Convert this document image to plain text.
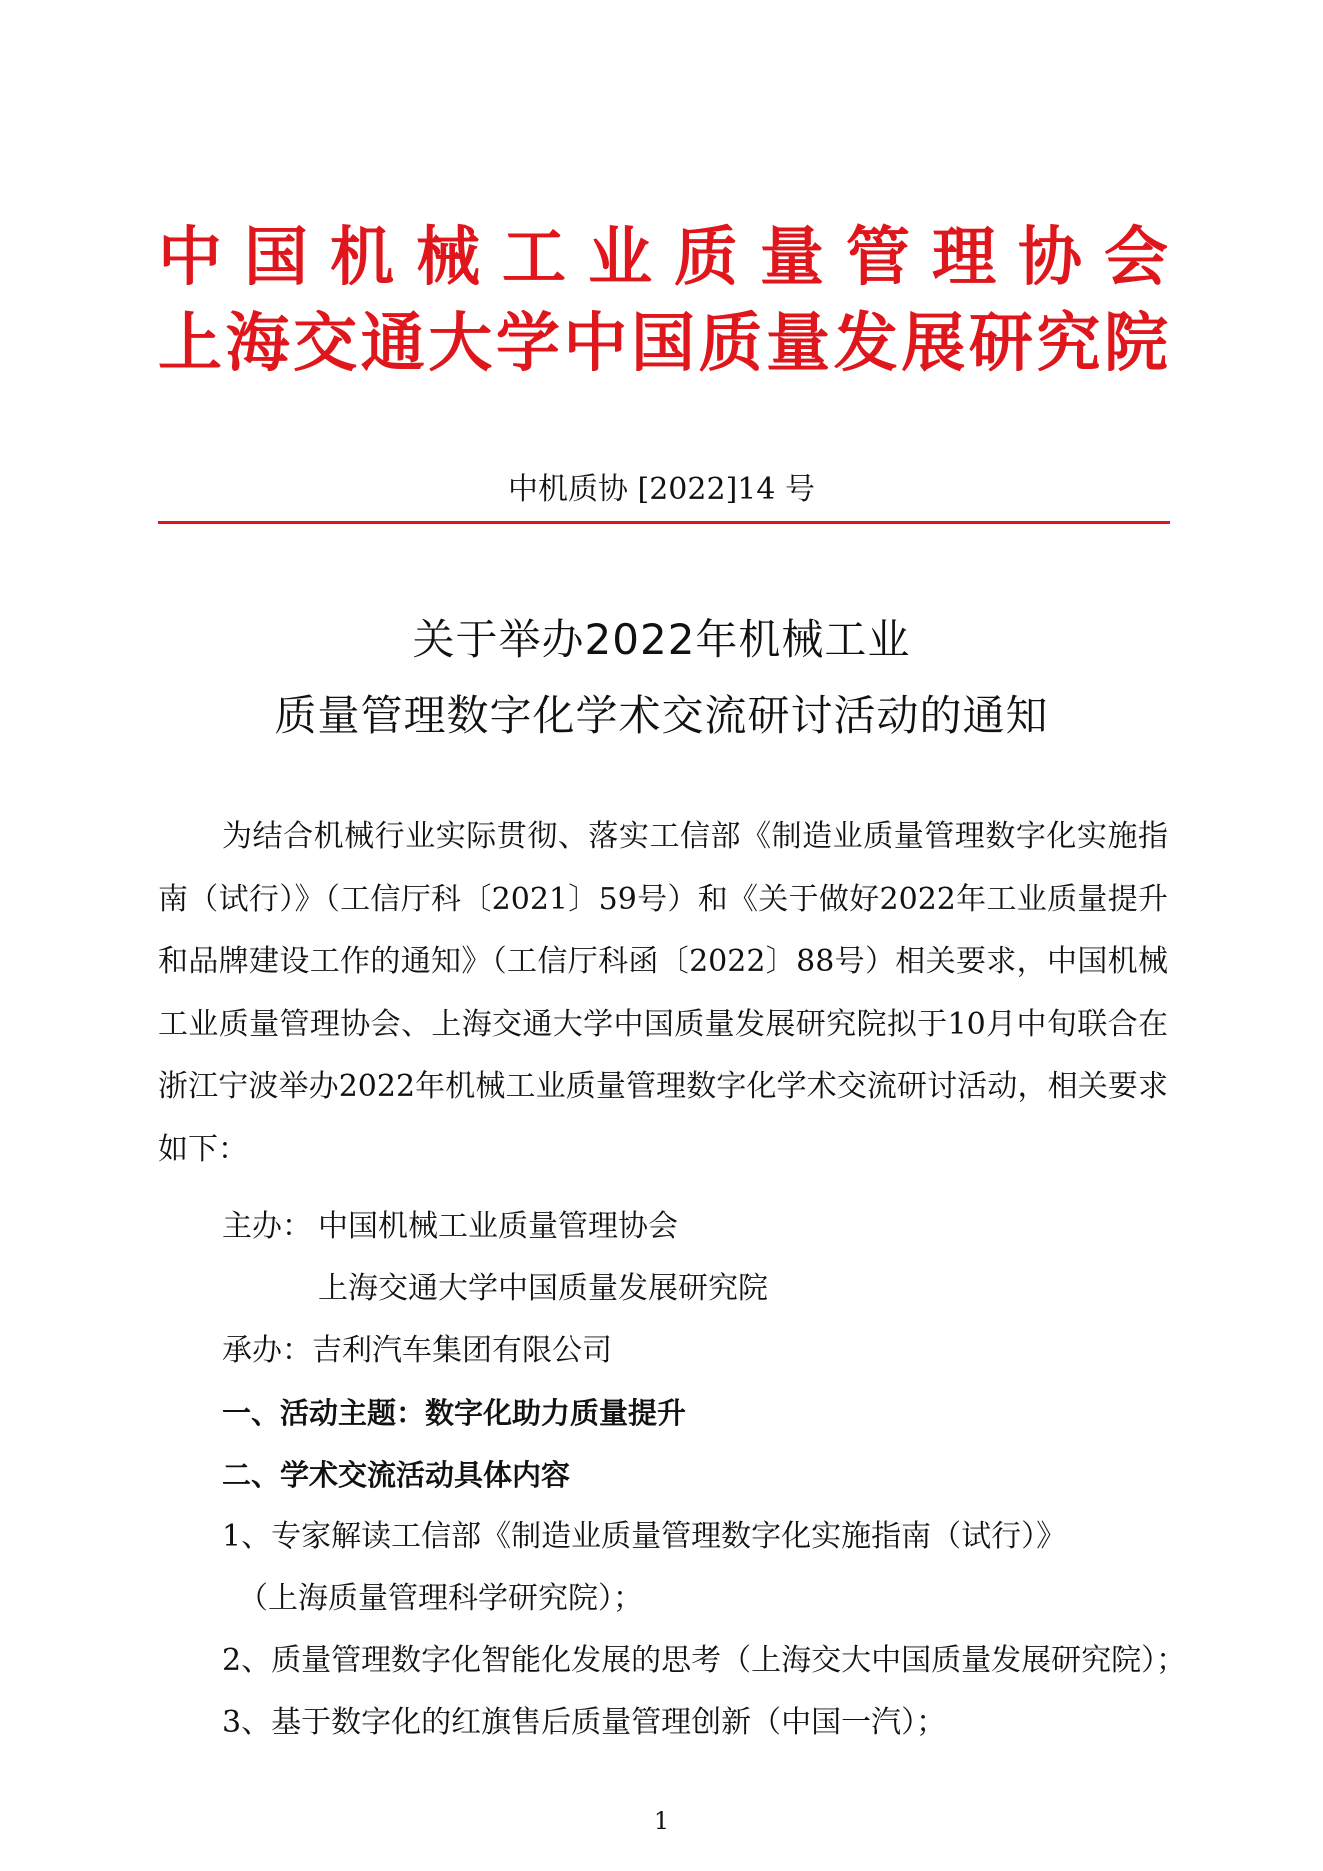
中国机械工业质量管理协会
上海交通大学中国质量发展研究院
中机质协 [2022]14 号
关于举办2022年机械工业
质量管理数字化学术交流研讨活动的通知
为结合机械行业实际贯彻、落实工信部《制造业质量管理数字化实施指南（试行）》（工信厅科〔2021〕59号）和《关于做好2022年工业质量提升和品牌建设工作的通知》（工信厅科函〔2022〕88号）相关要求，中国机械工业质量管理协会、上海交通大学中国质量发展研究院拟于10月中旬联合在浙江宁波举办2022年机械工业质量管理数字化学术交流研讨活动，相关要求如下：
主办： 中国机械工业质量管理协会
上海交通大学中国质量发展研究院
承办：吉利汽车集团有限公司
一、活动主题：数字化助力质量提升
二、学术交流活动具体内容
1、专家解读工信部《制造业质量管理数字化实施指南（试行）》
（上海质量管理科学研究院）；
2、质量管理数字化智能化发展的思考（上海交大中国质量发展研究院）；
3、基于数字化的红旗售后质量管理创新（中国一汽）；
1
